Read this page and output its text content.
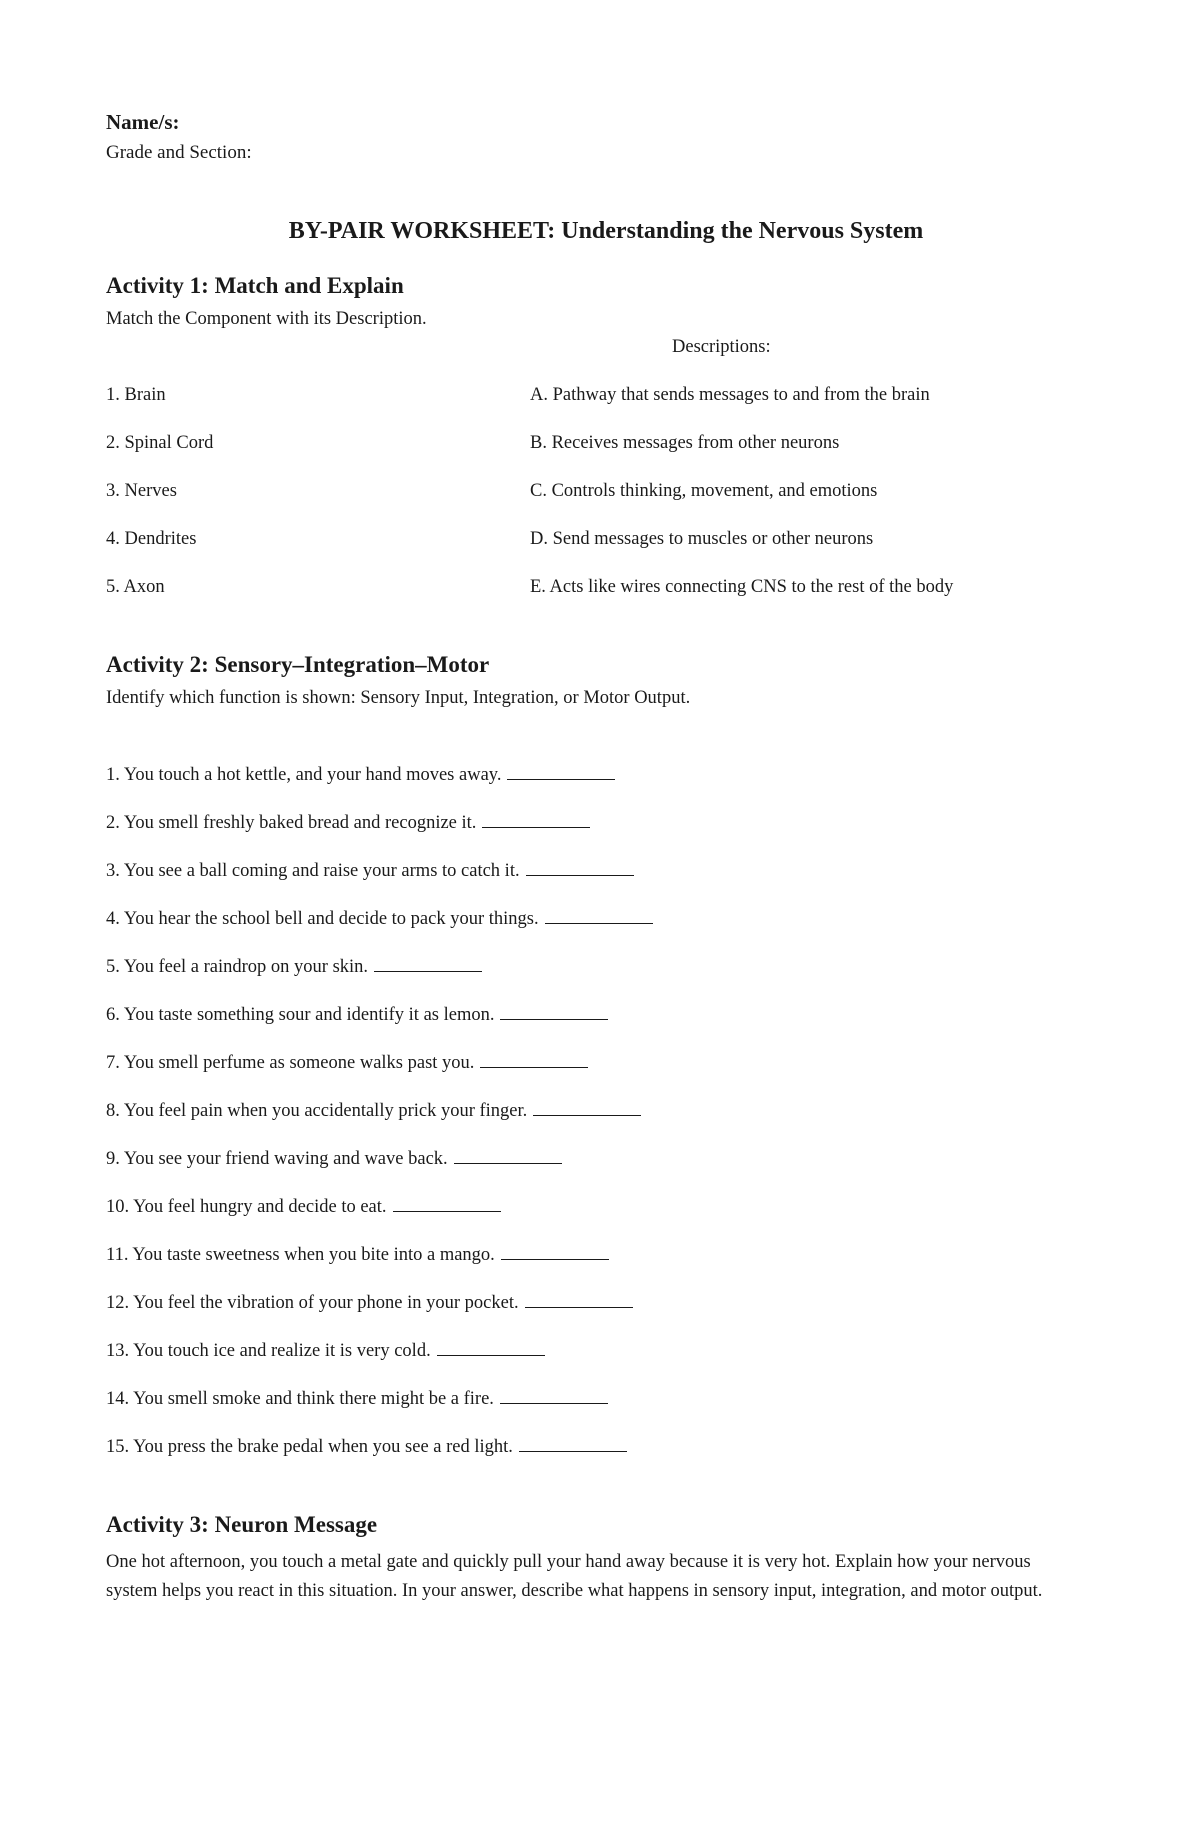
Name/s:
Grade and Section:
BY-PAIR WORKSHEET: Understanding the Nervous System
Activity 1: Match and Explain
Match the Component with its Description.
Descriptions:
1. Brain
2. Spinal Cord
3. Nerves
4. Dendrites
5. Axon
A. Pathway that sends messages to and from the brain
B. Receives messages from other neurons
C. Controls thinking, movement, and emotions
D. Send messages to muscles or other neurons
E. Acts like wires connecting CNS to the rest of the body
Activity 2: Sensory–Integration–Motor
Identify which function is shown: Sensory Input, Integration, or Motor Output.
1. You touch a hot kettle, and your hand moves away.
2. You smell freshly baked bread and recognize it.
3. You see a ball coming and raise your arms to catch it.
4. You hear the school bell and decide to pack your things.
5. You feel a raindrop on your skin.
6. You taste something sour and identify it as lemon.
7. You smell perfume as someone walks past you.
8. You feel pain when you accidentally prick your finger.
9. You see your friend waving and wave back.
10. You feel hungry and decide to eat.
11. You taste sweetness when you bite into a mango.
12. You feel the vibration of your phone in your pocket.
13. You touch ice and realize it is very cold.
14. You smell smoke and think there might be a fire.
15. You press the brake pedal when you see a red light.
Activity 3: Neuron Message
One hot afternoon, you touch a metal gate and quickly pull your hand away because it is very hot. Explain how your nervous system helps you react in this situation. In your answer, describe what happens in sensory input, integration, and motor output.
